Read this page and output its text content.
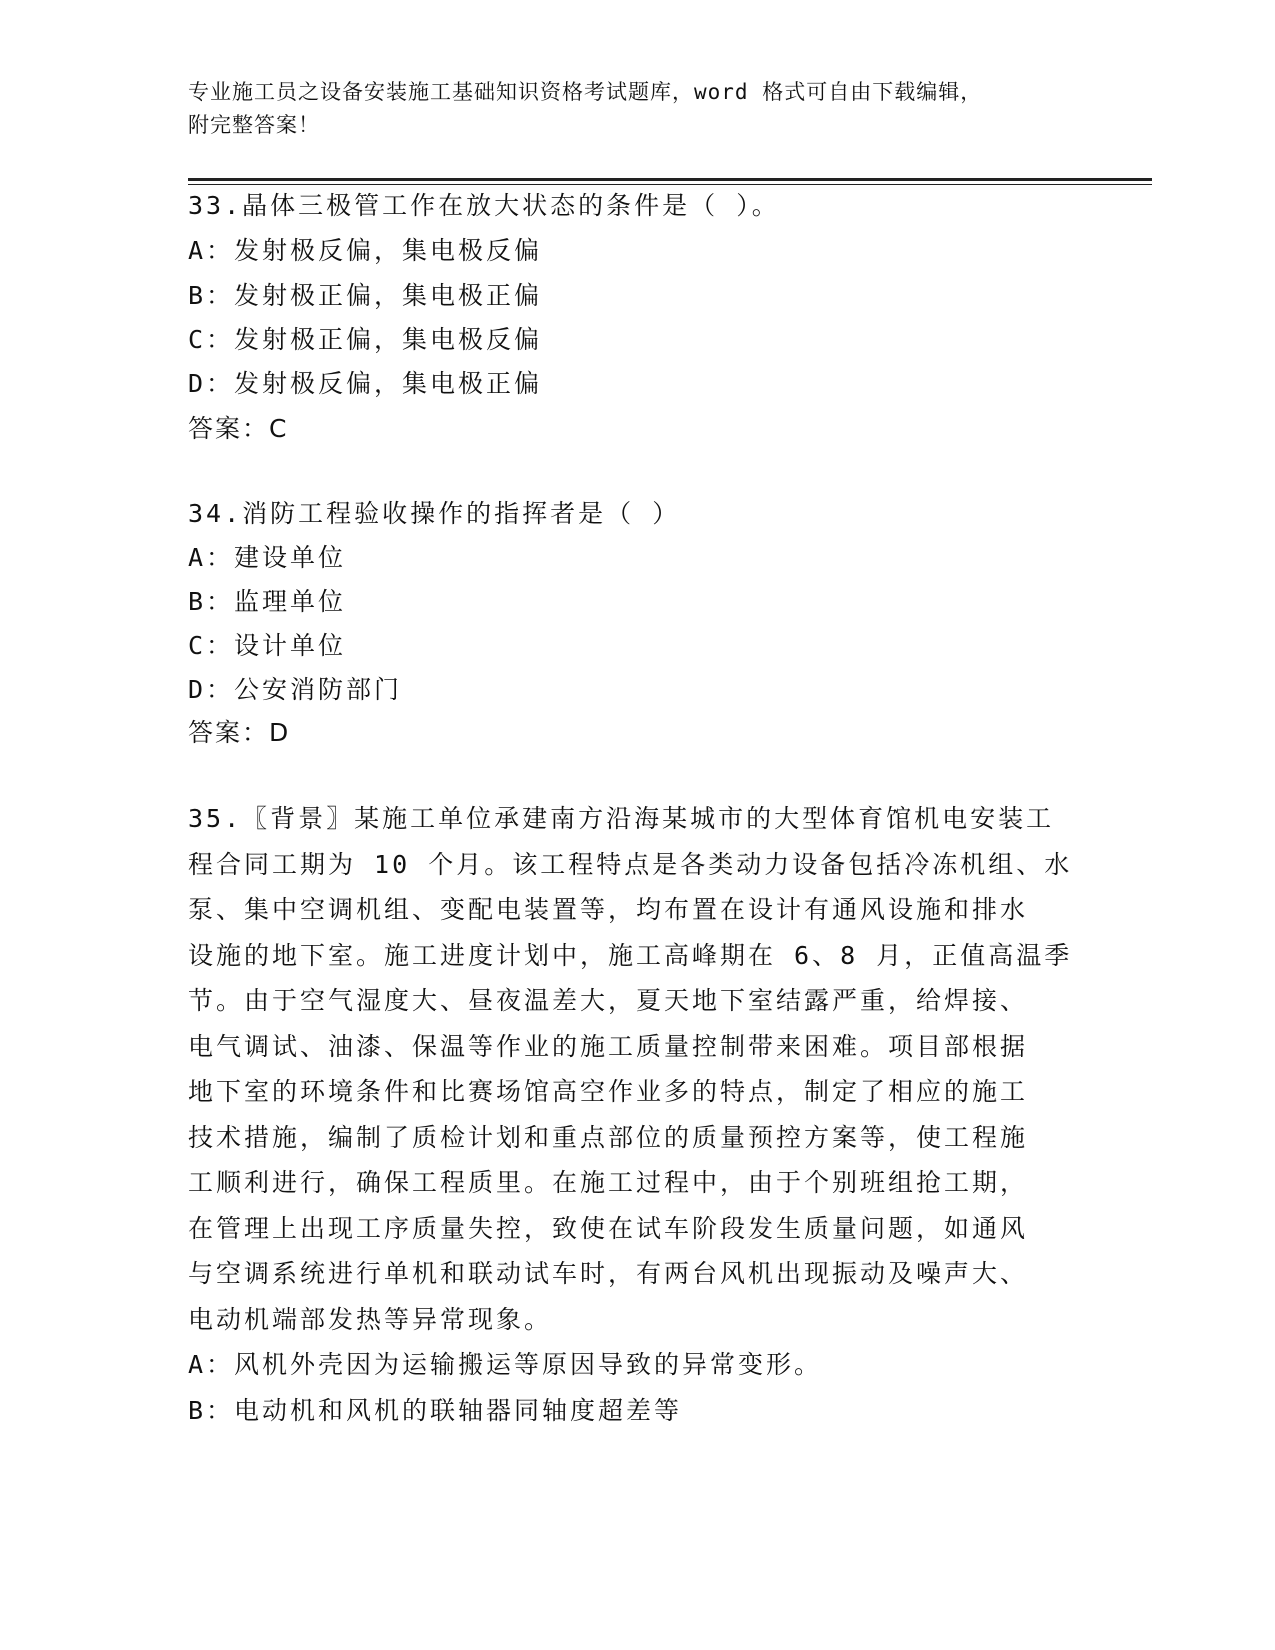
专业施工员之设备安装施工基础知识资格考试题库，word 格式可自由下载编辑，
附完整答案！
33.晶体三极管工作在放大状态的条件是（ ）。
A：发射极反偏，集电极反偏
B：发射极正偏，集电极正偏
C：发射极正偏，集电极反偏
D：发射极反偏，集电极正偏
答案：C
34.消防工程验收操作的指挥者是（ ）
A：建设单位
B：监理单位
C：设计单位
D：公安消防部门
答案：D
35.〖背景〗某施工单位承建南方沿海某城市的大型体育馆机电安装工
程合同工期为 10 个月。该工程特点是各类动力设备包括冷冻机组、水
泵、集中空调机组、变配电装置等，均布置在设计有通风设施和排水
设施的地下室。施工进度计划中，施工高峰期在 6、8 月，正值高温季
节。由于空气湿度大、昼夜温差大，夏天地下室结露严重，给焊接、
电气调试、油漆、保温等作业的施工质量控制带来困难。项目部根据
地下室的环境条件和比赛场馆高空作业多的特点，制定了相应的施工
技术措施，编制了质检计划和重点部位的质量预控方案等，使工程施
工顺利进行，确保工程质里。在施工过程中，由于个别班组抢工期，
在管理上出现工序质量失控，致使在试车阶段发生质量问题，如通风
与空调系统进行单机和联动试车时，有两台风机出现振动及噪声大、
电动机端部发热等异常现象。
A：风机外壳因为运输搬运等原因导致的异常变形。
B：电动机和风机的联轴器同轴度超差等
